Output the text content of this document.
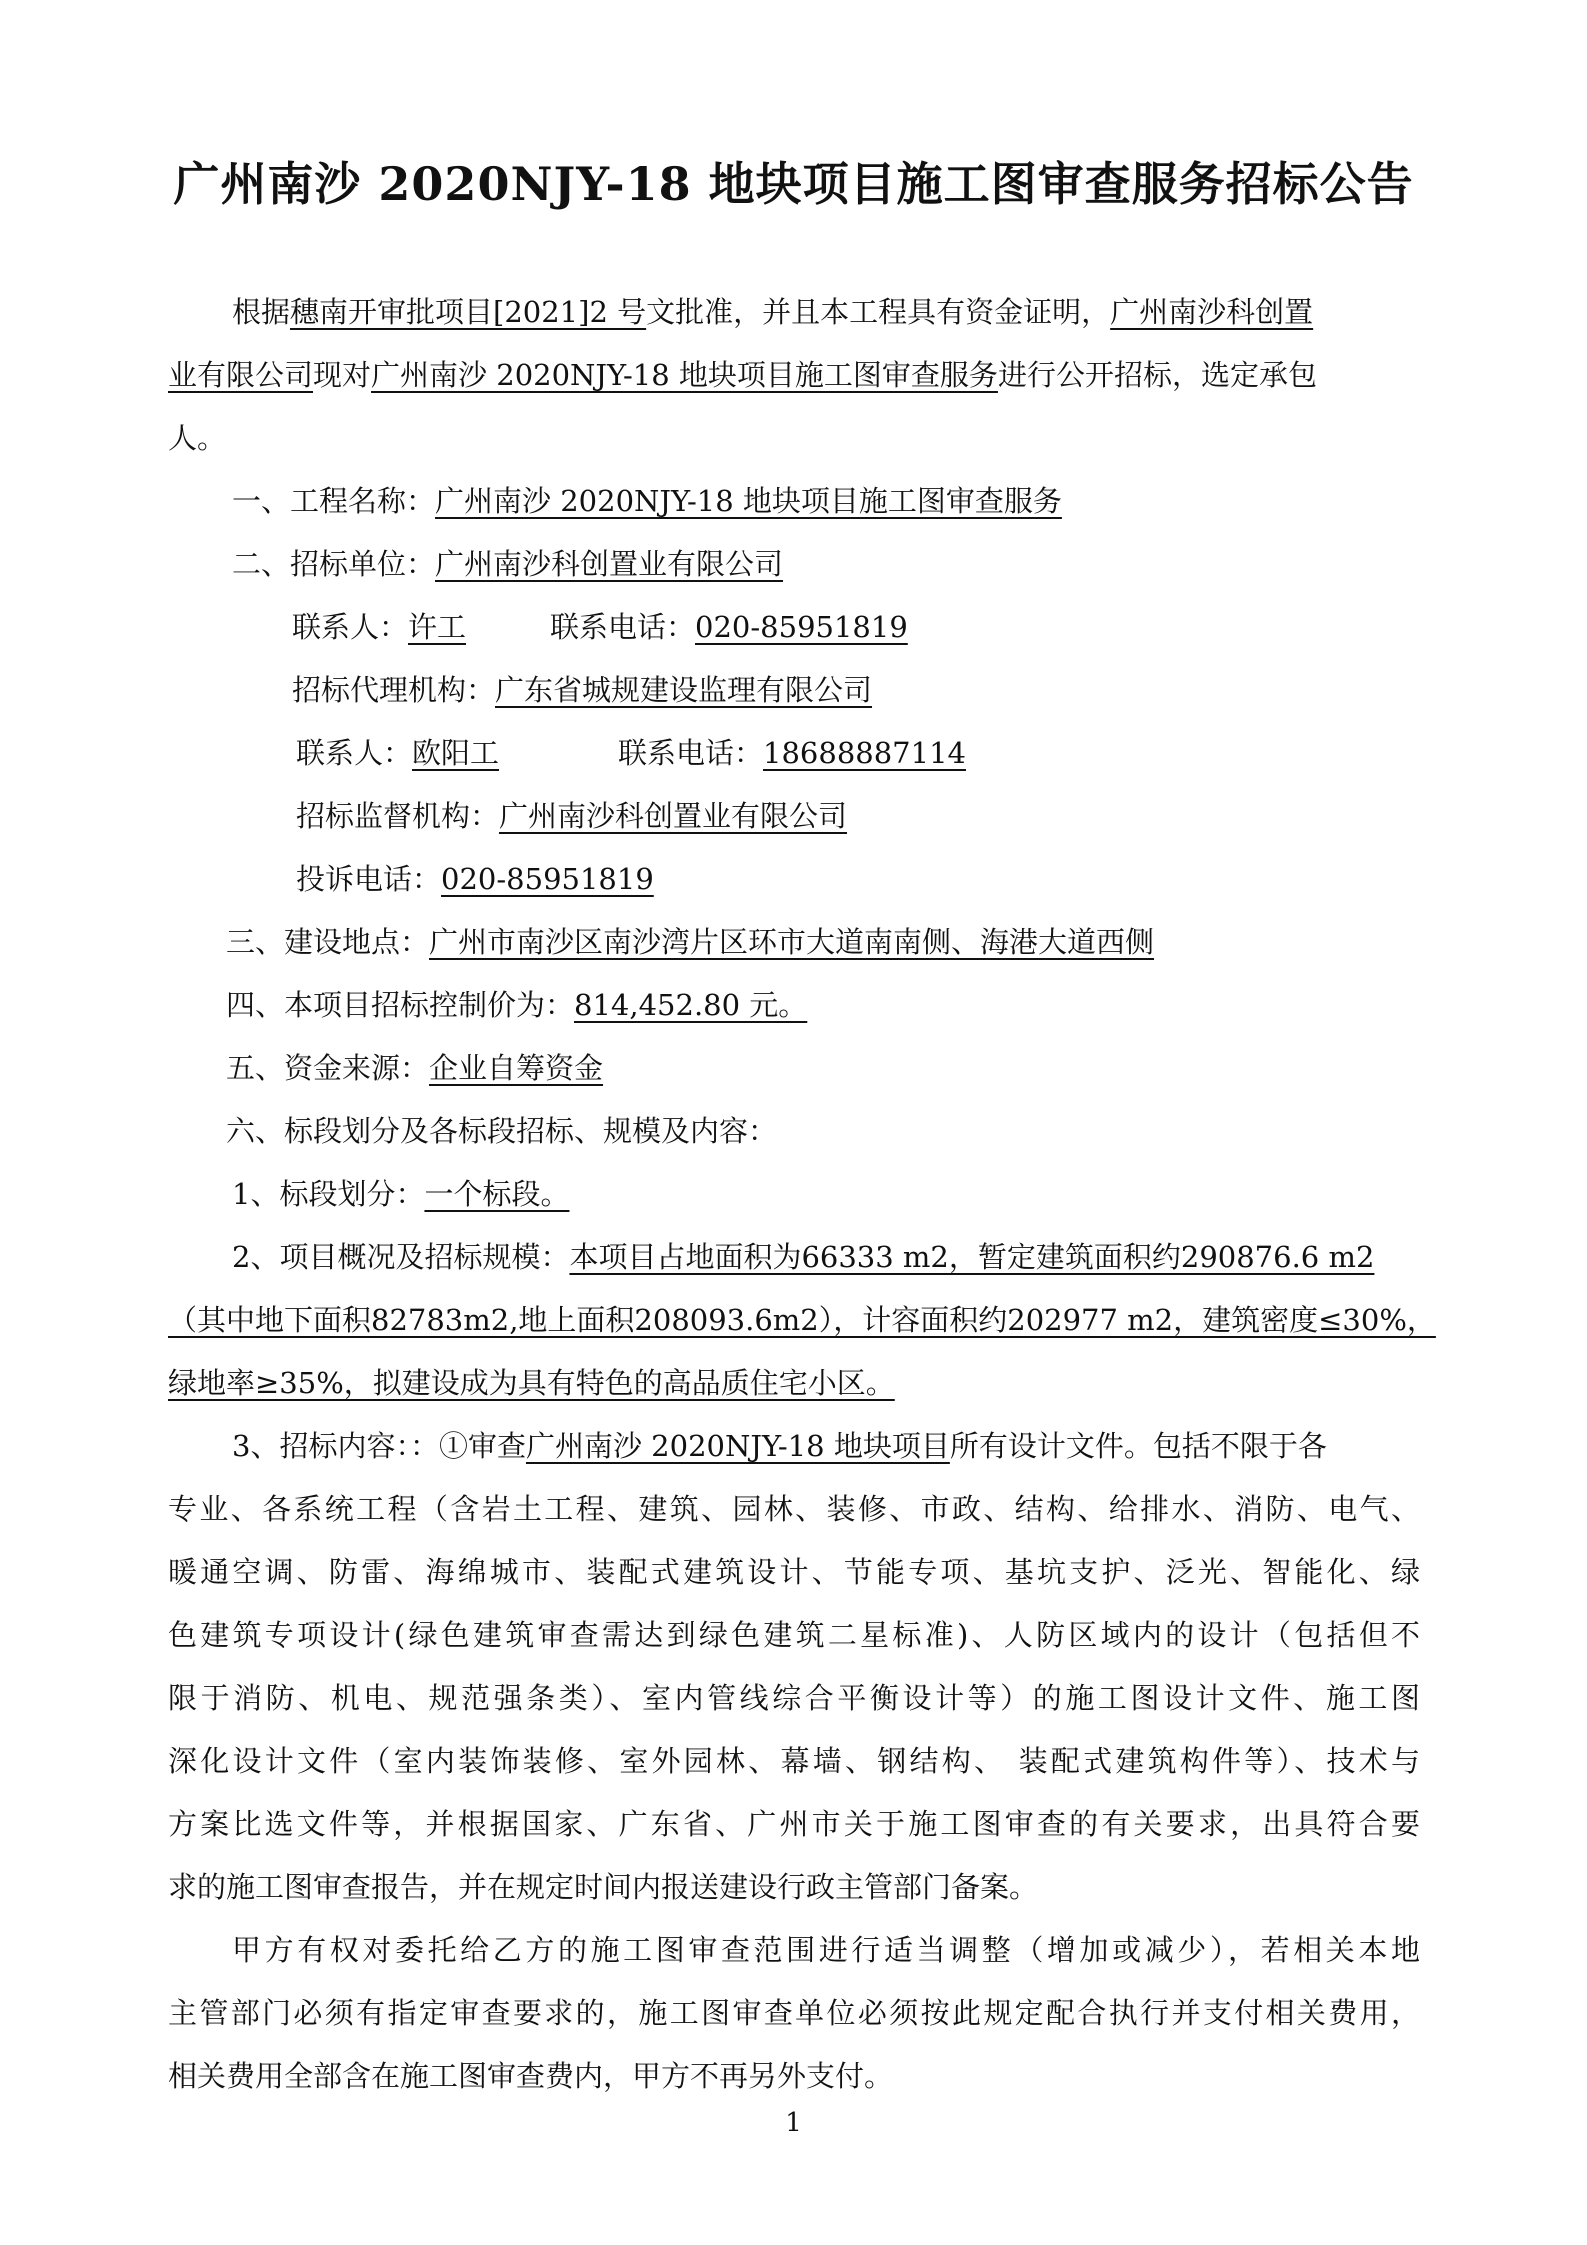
广州南沙 2020NJY-18 地块项目施工图审查服务招标公告
根据穗南开审批项目[2021]2 号文批准，并且本工程具有资金证明，广州南沙科创置
业有限公司现对广州南沙 2020NJY-18 地块项目施工图审查服务进行公开招标，选定承包
人。
一、工程名称：广州南沙 2020NJY-18 地块项目施工图审查服务
二、招标单位：广州南沙科创置业有限公司
联系人：许工	联系电话：020-85951819
招标代理机构：广东省城规建设监理有限公司
联系人：欧阳工	联系电话：18688887114
招标监督机构：广州南沙科创置业有限公司
投诉电话：020-85951819
三、建设地点：广州市南沙区南沙湾片区环市大道南南侧、海港大道西侧
四、本项目招标控制价为：814,452.80 元。
五、资金来源：企业自筹资金
六、标段划分及各标段招标、规模及内容：
1、标段划分：一个标段。
2、项目概况及招标规模：本项目占地面积为66333 m2，暂定建筑面积约290876.6 m2
（其中地下面积82783m2,地上面积208093.6m2），计容面积约202977 m2，建筑密度≤30%，
绿地率≥35%，拟建设成为具有特色的高品质住宅小区。
3、招标内容：：①审查广州南沙 2020NJY-18 地块项目所有设计文件。包括不限于各
专业、各系统工程（含岩土工程、建筑、园林、装修、市政、结构、给排水、消防、电气、
暖通空调、防雷、海绵城市、装配式建筑设计、节能专项、基坑支护、泛光、智能化、绿
色建筑专项设计(绿色建筑审查需达到绿色建筑二星标准)、人防区域内的设计（包括但不
限于消防、机电、规范强条类）、室内管线综合平衡设计等）的施工图设计文件、施工图
深化设计文件（室内装饰装修、室外园林、幕墙、钢结构、 装配式建筑构件等）、技术与
方案比选文件等，并根据国家、广东省、广州市关于施工图审查的有关要求，出具符合要
求的施工图审查报告，并在规定时间内报送建设行政主管部门备案。
甲方有权对委托给乙方的施工图审查范围进行适当调整（增加或减少），若相关本地
主管部门必须有指定审查要求的，施工图审查单位必须按此规定配合执行并支付相关费用，
相关费用全部含在施工图审查费内，甲方不再另外支付。
1
